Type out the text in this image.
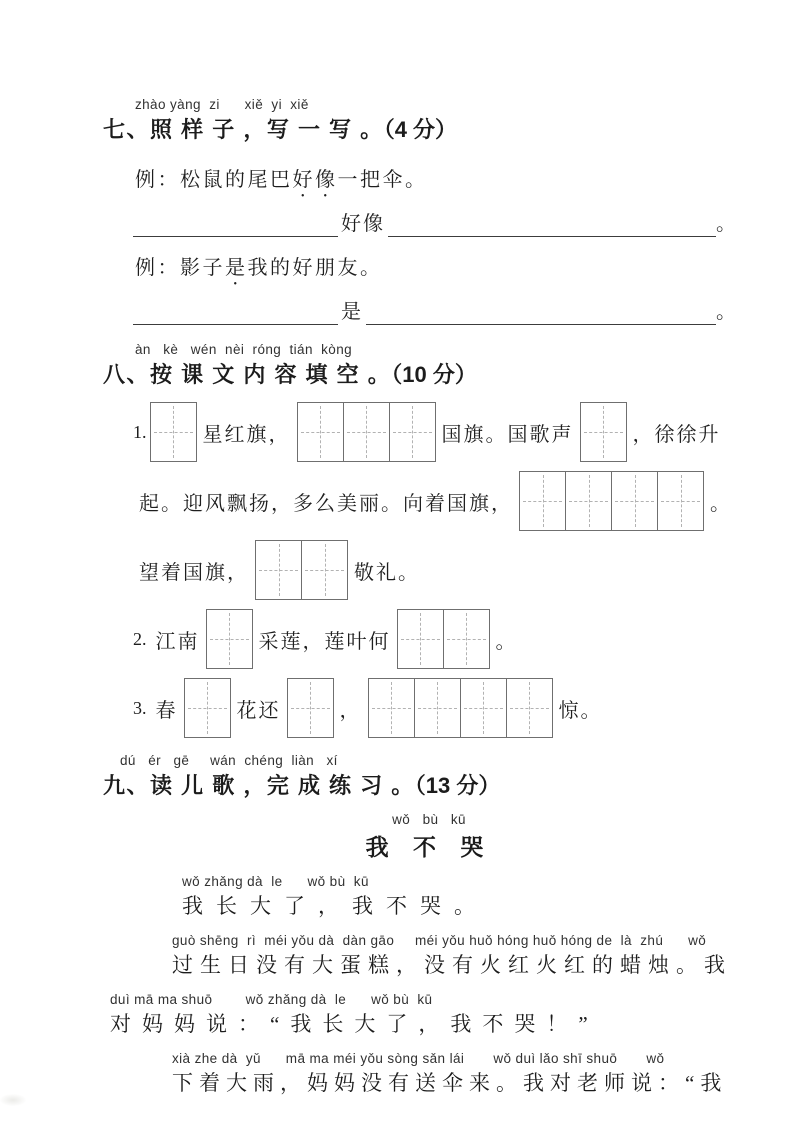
zhào yàng  zi      xiě  yi  xiě
七、照 样 子 ，写 一 写 。（4 分）
例：松鼠的尾巴好像一把伞。
好像	。
例：影子是我的好朋友。
是	。
àn   kè   wén  nèi  róng  tián  kòng
八、按 课 文 内 容 填 空 。（10 分）
1.	星红旗，	国旗。国歌声	，徐徐升
起。迎风飘扬，多么美丽。向着国旗，	。
望着国旗，	敬礼。
2. 江南	采莲，莲叶何	。
3. 春	花还	，	惊。
dú   ér   gē     wán  chéng  liàn   xí
九、读 儿 歌 ，完 成 练 习 。（13 分）
wǒ   bù   kū
我 不 哭
wǒ zhǎng dà  le      wǒ bù  kū
我长大了，我不哭。
guò shēng  rì  méi yǒu dà  dàn gāo     méi yǒu huǒ hóng huǒ hóng de  là  zhú      wǒ
过生日没有大蛋糕，没有火红火红的蜡烛。我
duì mā ma shuō        wǒ zhǎng dà  le      wǒ bù  kū
对妈妈说：“我长大了，我不哭！”
xià zhe dà  yǔ      mā ma méi yǒu sòng sǎn lái       wǒ duì lǎo shī shuō       wǒ
下着大雨，妈妈没有送伞来。我对老师说：“我
